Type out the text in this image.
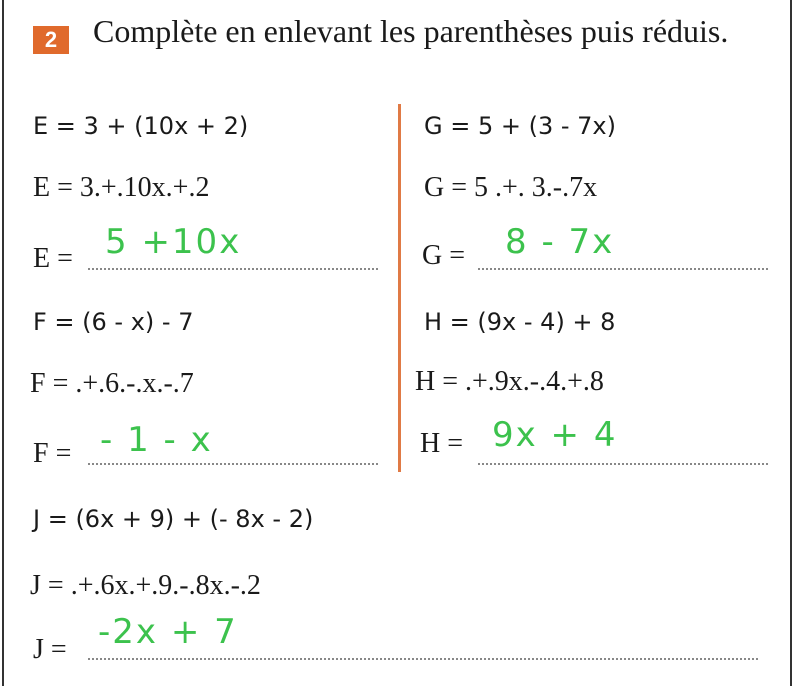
2	Complète en enlevant les parenthèses puis réduis.
E = 3 + (10x + 2)
E = 3.+.10x.+.2
E = 5 +10x
G = 5 + (3 - 7x)
G = 5 .+. 3.-.7x
G = 8 - 7x
F = (6 - x) - 7
F = .+.6.-.x.-.7
F = - 1 - x
H = (9x - 4) + 8
H = .+.9x.-.4.+.8
H = 9x + 4
J = (6x + 9) + (- 8x - 2)
J = .+.6x.+.9.-.8x.-.2
J = -2x + 7
